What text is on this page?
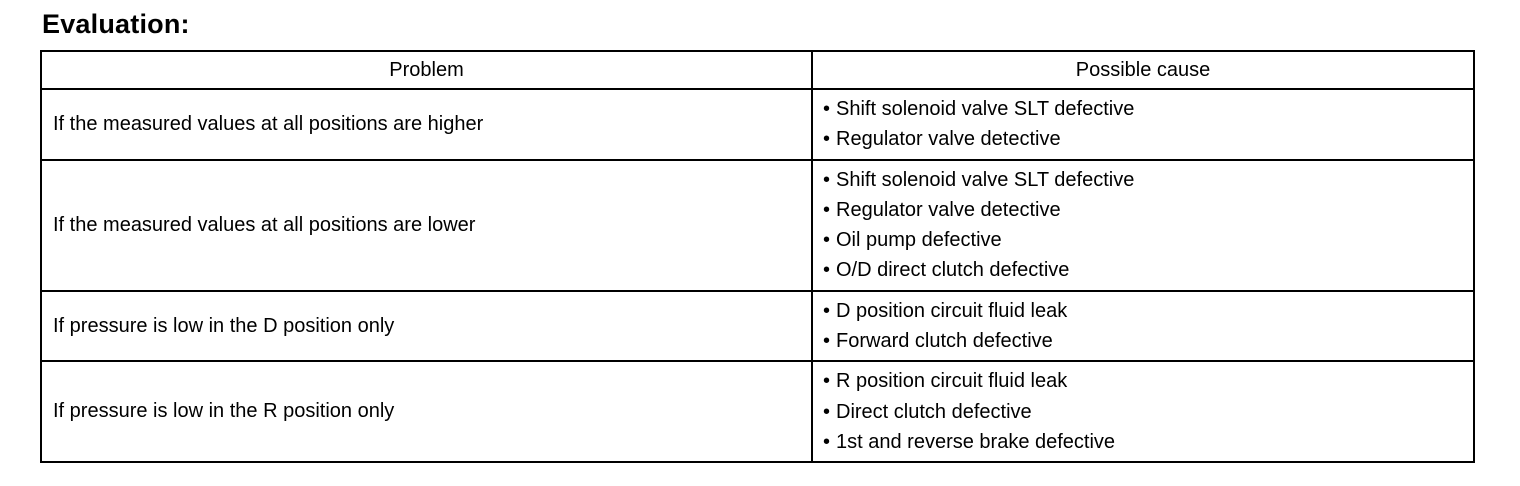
Evaluation:
Problem	Possible cause
If the measured values at all positions are higher	• Shift solenoid valve SLT defective
• Regulator valve detective

If the measured values at all positions are lower	• Shift solenoid valve SLT defective
• Regulator valve detective
• Oil pump defective
• O/D direct clutch defective

If pressure is low in the D position only	• D position circuit fluid leak
• Forward clutch defective

If pressure is low in the R position only	• R position circuit fluid leak
• Direct clutch defective
• 1st and reverse brake defective
